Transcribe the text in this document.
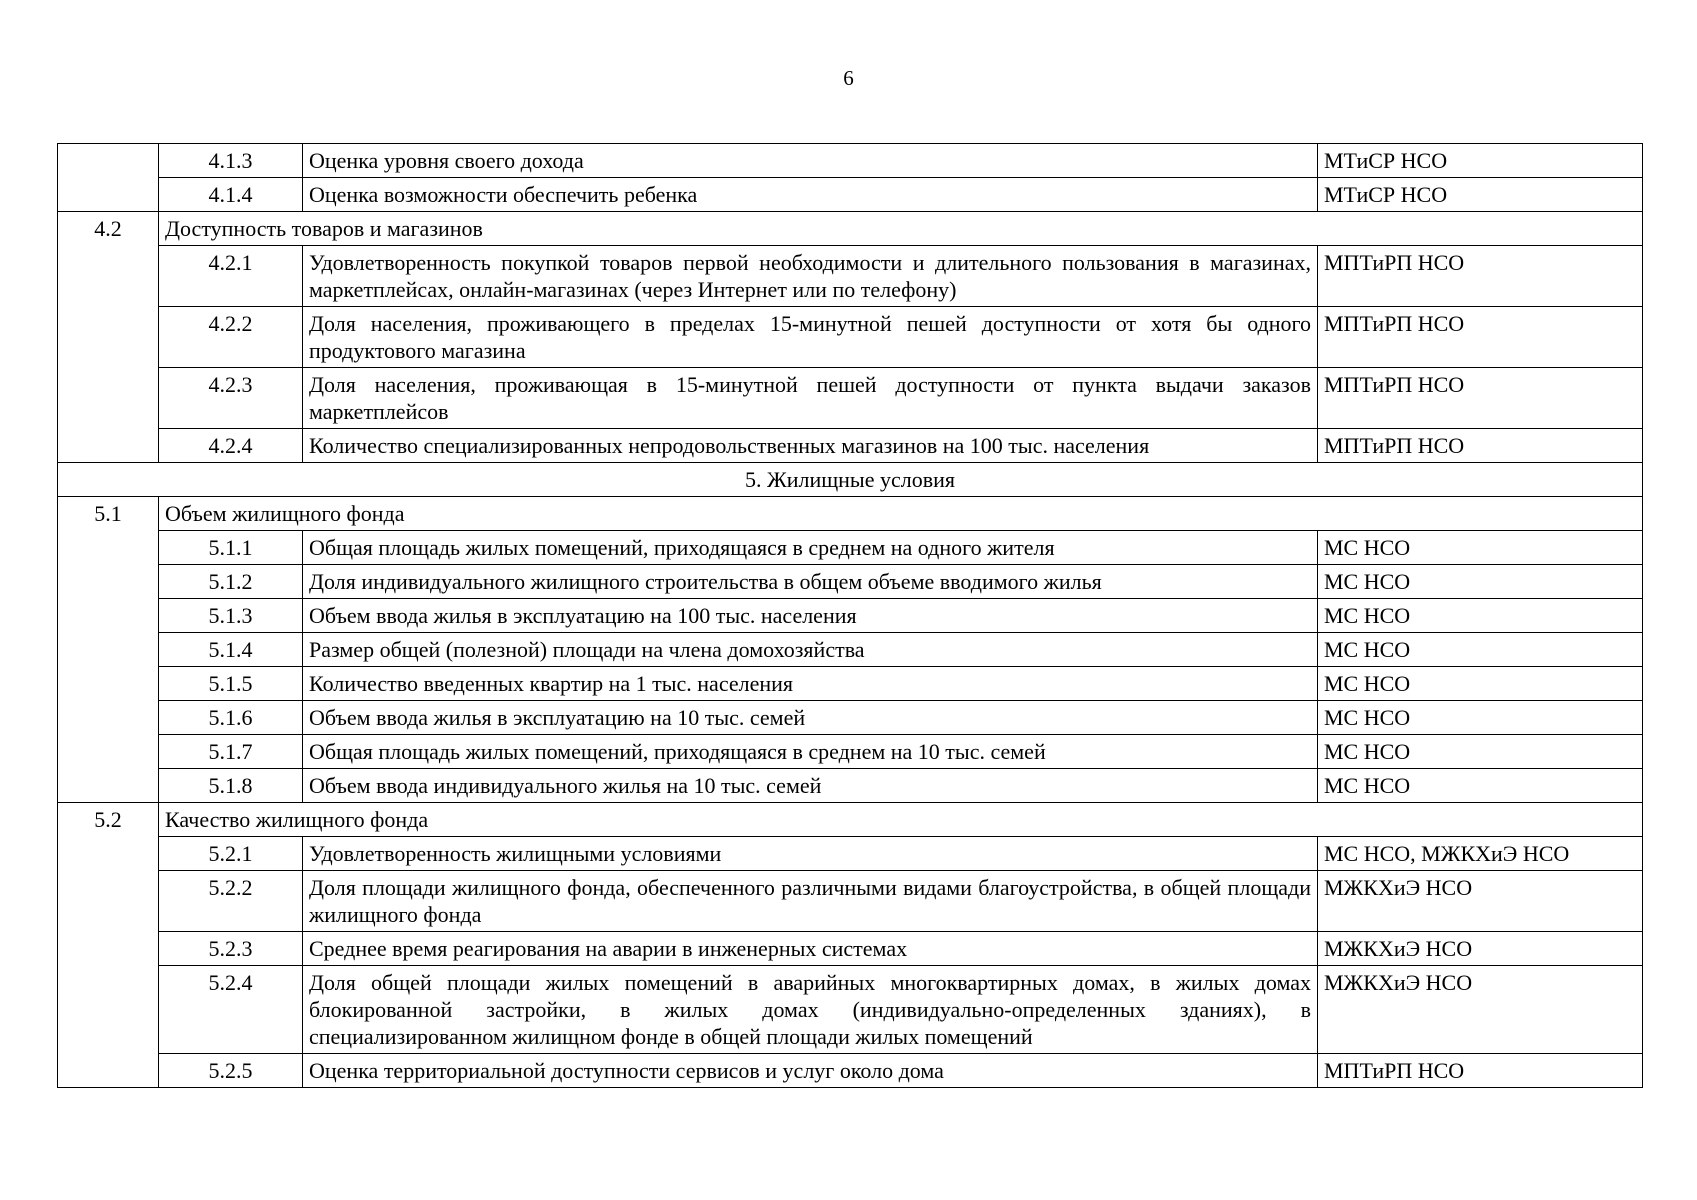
6
	4.1.3	Оценка уровня своего дохода	МТиСР НСО
	4.1.4	Оценка возможности обеспечить ребенка	МТиСР НСО
4.2	Доступность товаров и магазинов		
	4.2.1	Удовлетворенность покупкой товаров первой необходимости и длительного пользования в магазинах, маркетплейсах, онлайн-магазинах (через Интернет или по телефону)	МПТиРП НСО
	4.2.2	Доля населения, проживающего в пределах 15-минутной пешей доступности от хотя бы одного продуктового магазина	МПТиРП НСО
	4.2.3	Доля населения, проживающая в 15-минутной пешей доступности от пункта выдачи заказов маркетплейсов	МПТиРП НСО
	4.2.4	Количество специализированных непродовольственных магазинов на 100 тыс. населения	МПТиРП НСО
5. Жилищные условия			
5.1	Объем жилищного фонда		
	5.1.1	Общая площадь жилых помещений, приходящаяся в среднем на одного жителя	МС НСО
	5.1.2	Доля индивидуального жилищного строительства в общем объеме вводимого жилья	МС НСО
	5.1.3	Объем ввода жилья в эксплуатацию на 100 тыс. населения	МС НСО
	5.1.4	Размер общей (полезной) площади на члена домохозяйства	МС НСО
	5.1.5	Количество введенных квартир на 1 тыс. населения	МС НСО
	5.1.6	Объем ввода жилья в эксплуатацию на 10 тыс. семей	МС НСО
	5.1.7	Общая площадь жилых помещений, приходящаяся в среднем на 10 тыс. семей	МС НСО
	5.1.8	Объем ввода индивидуального жилья на 10 тыс. семей	МС НСО
5.2	Качество жилищного фонда		
	5.2.1	Удовлетворенность жилищными условиями	МС НСО, МЖКХиЭ НСО
	5.2.2	Доля площади жилищного фонда, обеспеченного различными видами благоустройства, в общей площади жилищного фонда	МЖКХиЭ НСО
	5.2.3	Среднее время реагирования на аварии в инженерных системах	МЖКХиЭ НСО
	5.2.4	Доля общей площади жилых помещений в аварийных многоквартирных домах, в жилых домах блокированной застройки, в жилых домах (индивидуально-определенных зданиях), в специализированном жилищном фонде в общей площади жилых помещений	МЖКХиЭ НСО
	5.2.5	Оценка территориальной доступности сервисов и услуг около дома	МПТиРП НСО
